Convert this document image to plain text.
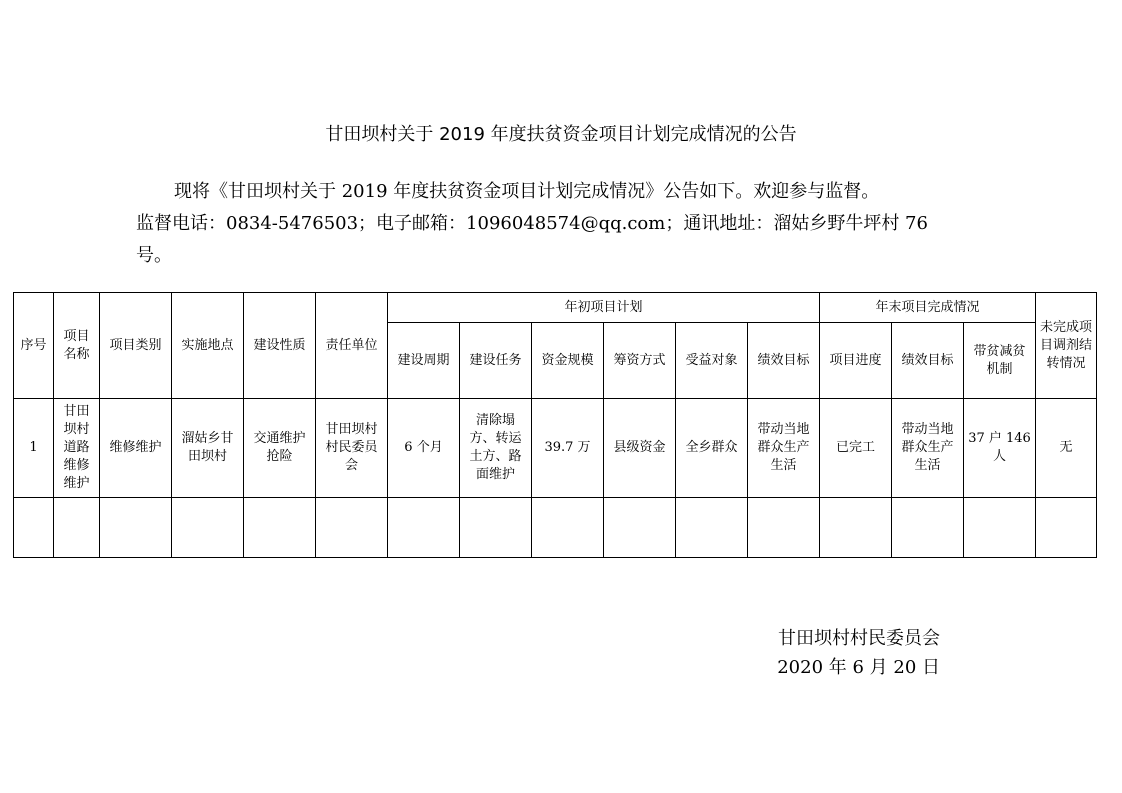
甘田坝村关于 2019 年度扶贫资金项目计划完成情况的公告
现将《甘田坝村关于 2019 年度扶贫资金项目计划完成情况》公告如下。欢迎参与监督。
监督电话：0834-5476503；电子邮箱：1096048574@qq.com；通讯地址：溜姑乡野牛坪村 76
号。
序号	项目名称	项目类别	实施地点	建设性质	责任单位	年初项目计划						年末项目完成情况			未完成项目调剂结转情况
						建设周期	建设任务	资金规模	筹资方式	受益对象	绩效目标	项目进度	绩效目标	带贫减贫机制	
1	甘田坝村道路维修维护	维修维护	溜姑乡甘田坝村	交通维护抢险	甘田坝村村民委员会	6 个月	清除塌方、转运土方、路面维护	39.7 万	县级资金	全乡群众	带动当地群众生产生活	已完工	带动当地群众生产生活	37 户 146 人	无

甘田坝村村民委员会
2020 年 6 月 20 日
